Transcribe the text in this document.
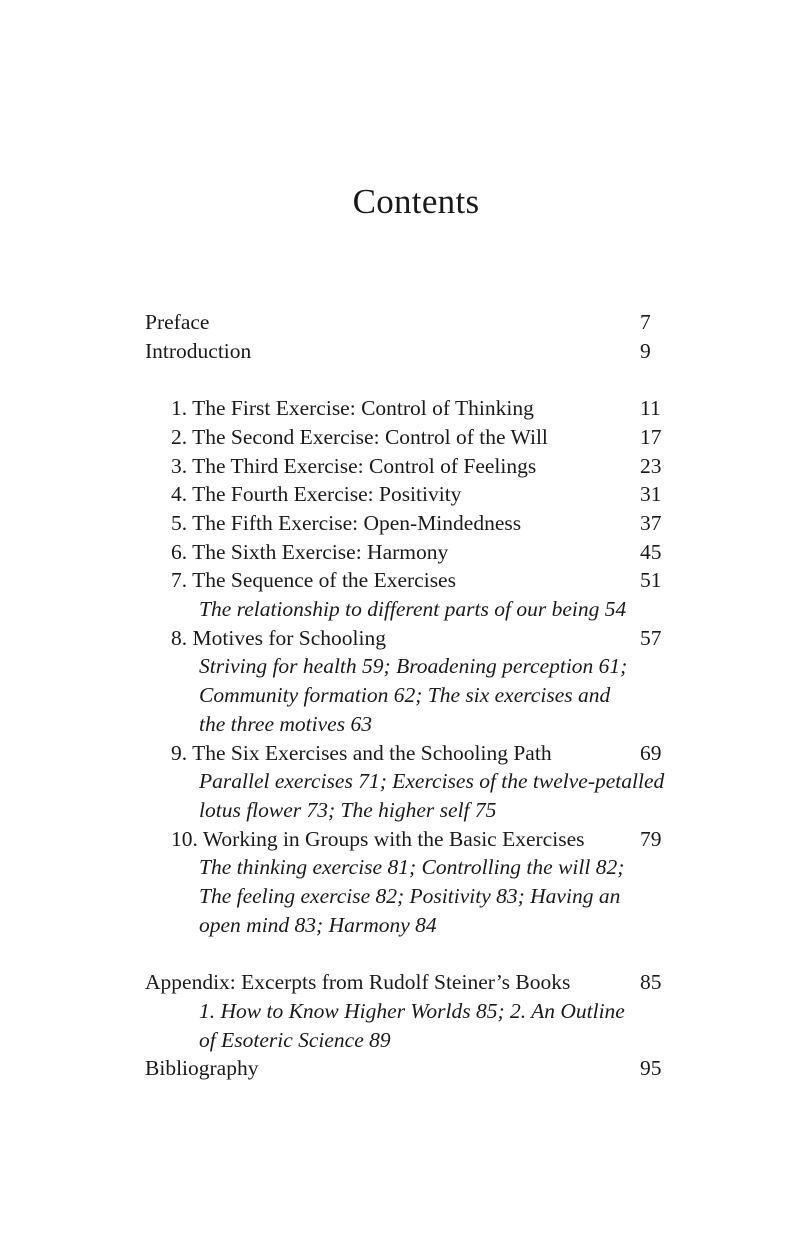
Contents
Preface	7
Introduction	9
1. The First Exercise: Control of Thinking	11
2. The Second Exercise: Control of the Will	17
3. The Third Exercise: Control of Feelings	23
4. The Fourth Exercise: Positivity	31
5. The Fifth Exercise: Open-Mindedness	37
6. The Sixth Exercise: Harmony	45
7. The Sequence of the Exercises	51
The relationship to different parts of our being 54
8. Motives for Schooling	57
Striving for health 59; Broadening perception 61;
Community formation 62; The six exercises and
the three motives 63
9. The Six Exercises and the Schooling Path	69
Parallel exercises 71; Exercises of the twelve-petalled
lotus flower 73; The higher self 75
10. Working in Groups with the Basic Exercises	79
The thinking exercise 81; Controlling the will 82;
The feeling exercise 82; Positivity 83; Having an
open mind 83; Harmony 84
Appendix: Excerpts from Rudolf Steiner’s Books	85
1. How to Know Higher Worlds 85; 2. An Outline
of Esoteric Science 89
Bibliography	95
